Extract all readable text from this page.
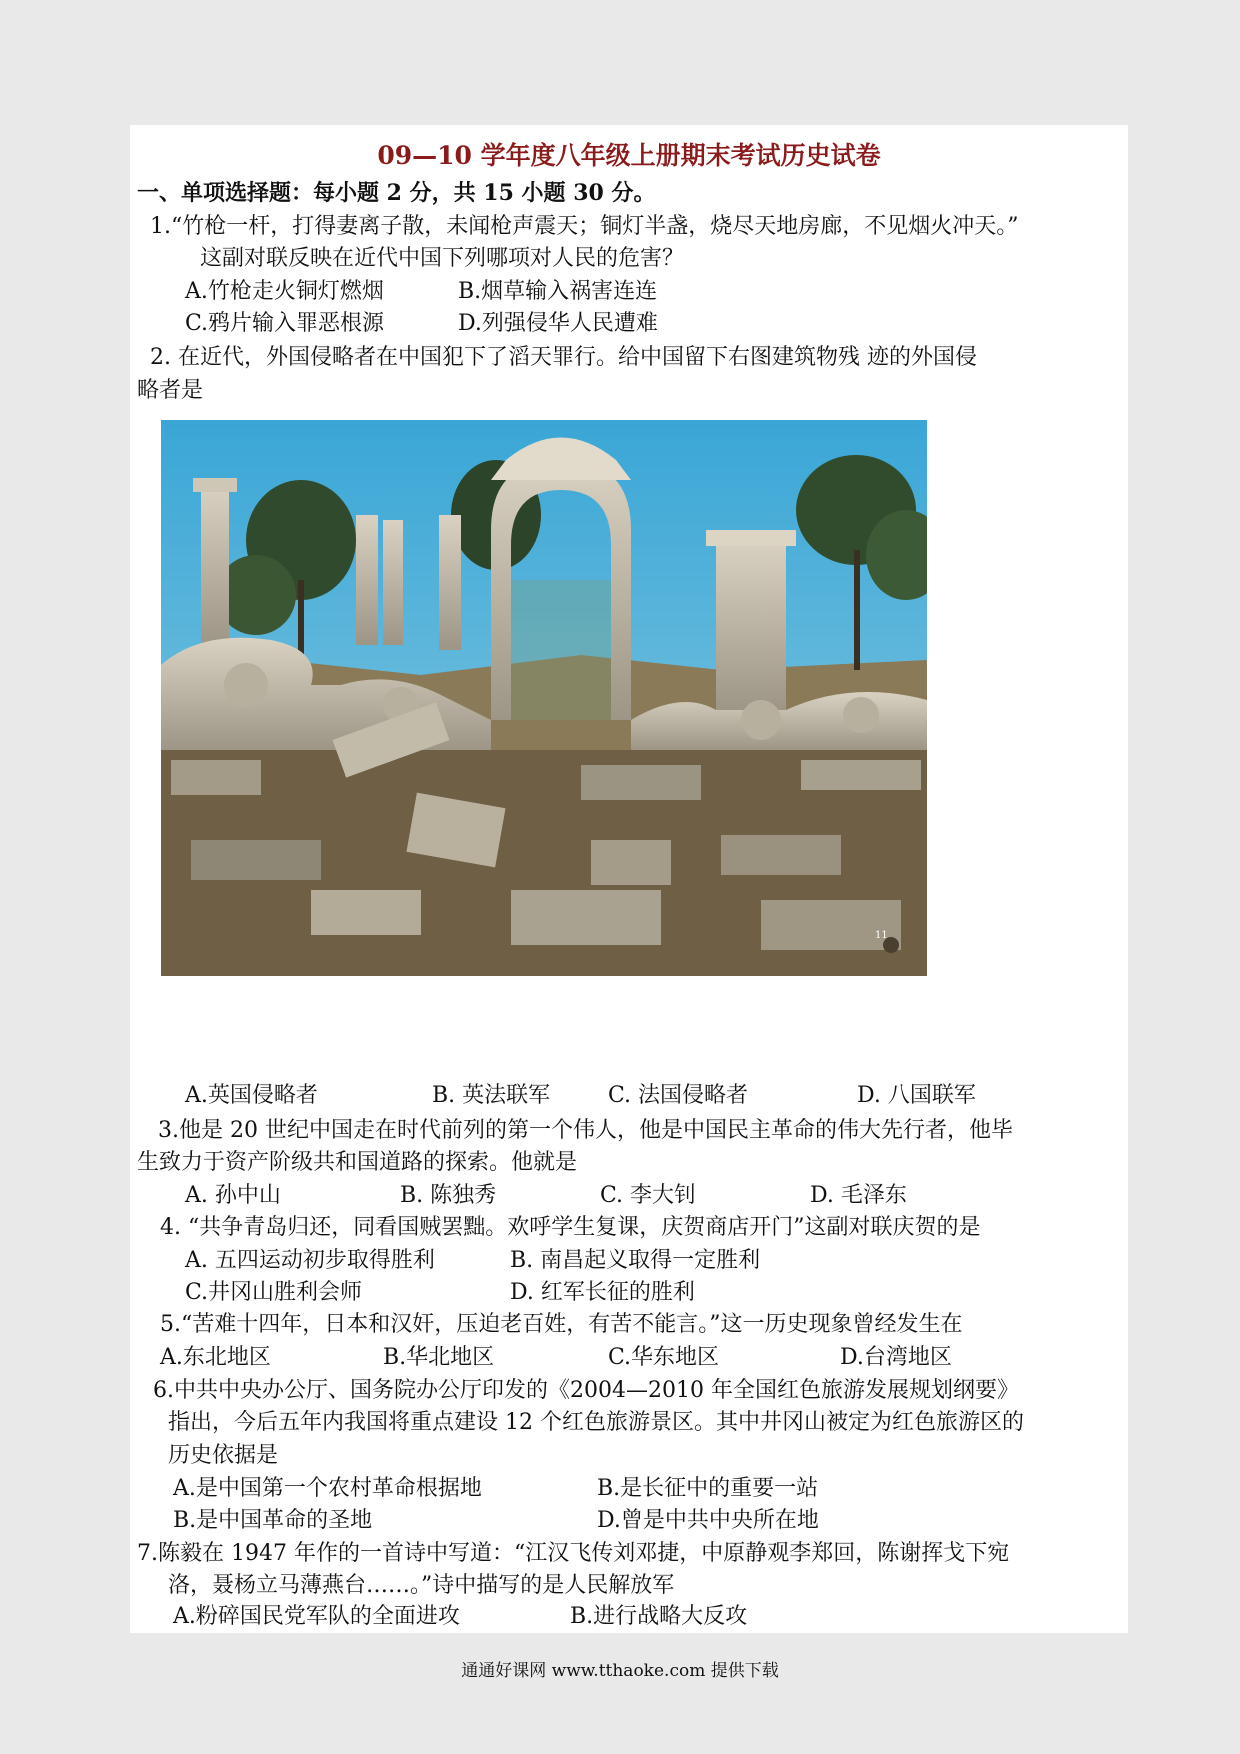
09—10 学年度八年级上册期末考试历史试卷
一、单项选择题：每小题 2 分，共 15 小题 30 分。
1.“竹枪一杆，打得妻离子散，未闻枪声震天；铜灯半盏，烧尽天地房廊，不见烟火冲天。”
这副对联反映在近代中国下列哪项对人民的危害？
A.竹枪走火铜灯燃烟	B.烟草输入祸害连连
C.鸦片输入罪恶根源	D.列强侵华人民遭难
2. 在近代，外国侵略者在中国犯下了滔天罪行。给中国留下右图建筑物残 迹的外国侵
略者是
11
A.英国侵略者	B. 英法联军	C. 法国侵略者	D. 八国联军
3.他是 20 世纪中国走在时代前列的第一个伟人，他是中国民主革命的伟大先行者，他毕
生致力于资产阶级共和国道路的探索。他就是
A. 孙中山	B. 陈独秀	C. 李大钊	D. 毛泽东
4. “共争青岛归还，同看国贼罢黜。欢呼学生复课，庆贺商店开门”这副对联庆贺的是
A. 五四运动初步取得胜利	B. 南昌起义取得一定胜利
C.井冈山胜利会师	D. 红军长征的胜利
5.“苦难十四年，日本和汉奸，压迫老百姓，有苦不能言。”这一历史现象曾经发生在
A.东北地区	B.华北地区	C.华东地区	D.台湾地区
6.中共中央办公厅、国务院办公厅印发的《2004—2010 年全国红色旅游发展规划纲要》
指出，今后五年内我国将重点建设 12 个红色旅游景区。其中井冈山被定为红色旅游区的
历史依据是
A.是中国第一个农村革命根据地	B.是长征中的重要一站
B.是中国革命的圣地	D.曾是中共中央所在地
7.陈毅在 1947 年作的一首诗中写道：“江汉飞传刘邓捷，中原静观李郑回，陈谢挥戈下宛
洛，聂杨立马薄燕台……。”诗中描写的是人民解放军
A.粉碎国民党军队的全面进攻	B.进行战略大反攻
通通好课网 www.tthaoke.com 提供下载
